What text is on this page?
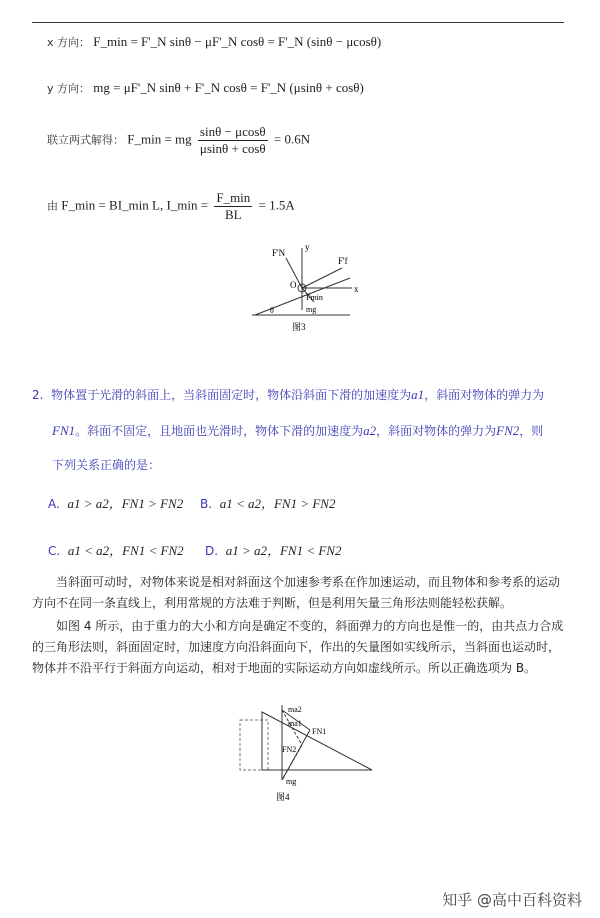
x 方向： F_min = F'_N sinθ − μF'_N cosθ = F'_N (sinθ − μcosθ)
y 方向： mg = μF'_N sinθ + F'_N cosθ = F'_N (μsinθ + cosθ)
联立两式解得： F_min = mg $\frac{\sin\theta - \mu\cos\theta}{\mu\sin\theta + \cos\theta} = 0.6N$
由 F_min = BI_min L, I_min = $\frac{F\_\min}{BL} = 1.5A$
F'N
y
F'f
O
Fmin
x
mg
θ
图3
2. 物体置于光滑的斜面上，当斜面固定时，物体沿斜面下滑的加速度为a1，斜面对物体的弹力为
FN1。斜面不固定，且地面也光滑时，物体下滑的加速度为a2，斜面对物体的弹力为FN2，则
下列关系正确的是：
A. a1 > a2，FN1 > FN2 B. a1 < a2，FN1 > FN2
C. a1 < a2，FN1 < FN2 D. a1 > a2，FN1 < FN2
当斜面可动时，对物体来说是相对斜面这个加速参考系在作加速运动，而且物体和参考系的运动方向不在同一条直线上，利用常规的方法难于判断，但是利用矢量三角形法则能轻松获解。
如图 4 所示，由于重力的大小和方向是确定不变的，斜面弹力的方向也是惟一的，由共点力合成的三角形法则，斜面固定时，加速度方向沿斜面向下，作出的矢量图如实线所示，当斜面也运动时，物体并不沿平行于斜面方向运动，相对于地面的实际运动方向如虚线所示。所以正确选项为 B。
ma2
ma1
FN1
FN2
mg
图4
知乎 @高中百科资料
